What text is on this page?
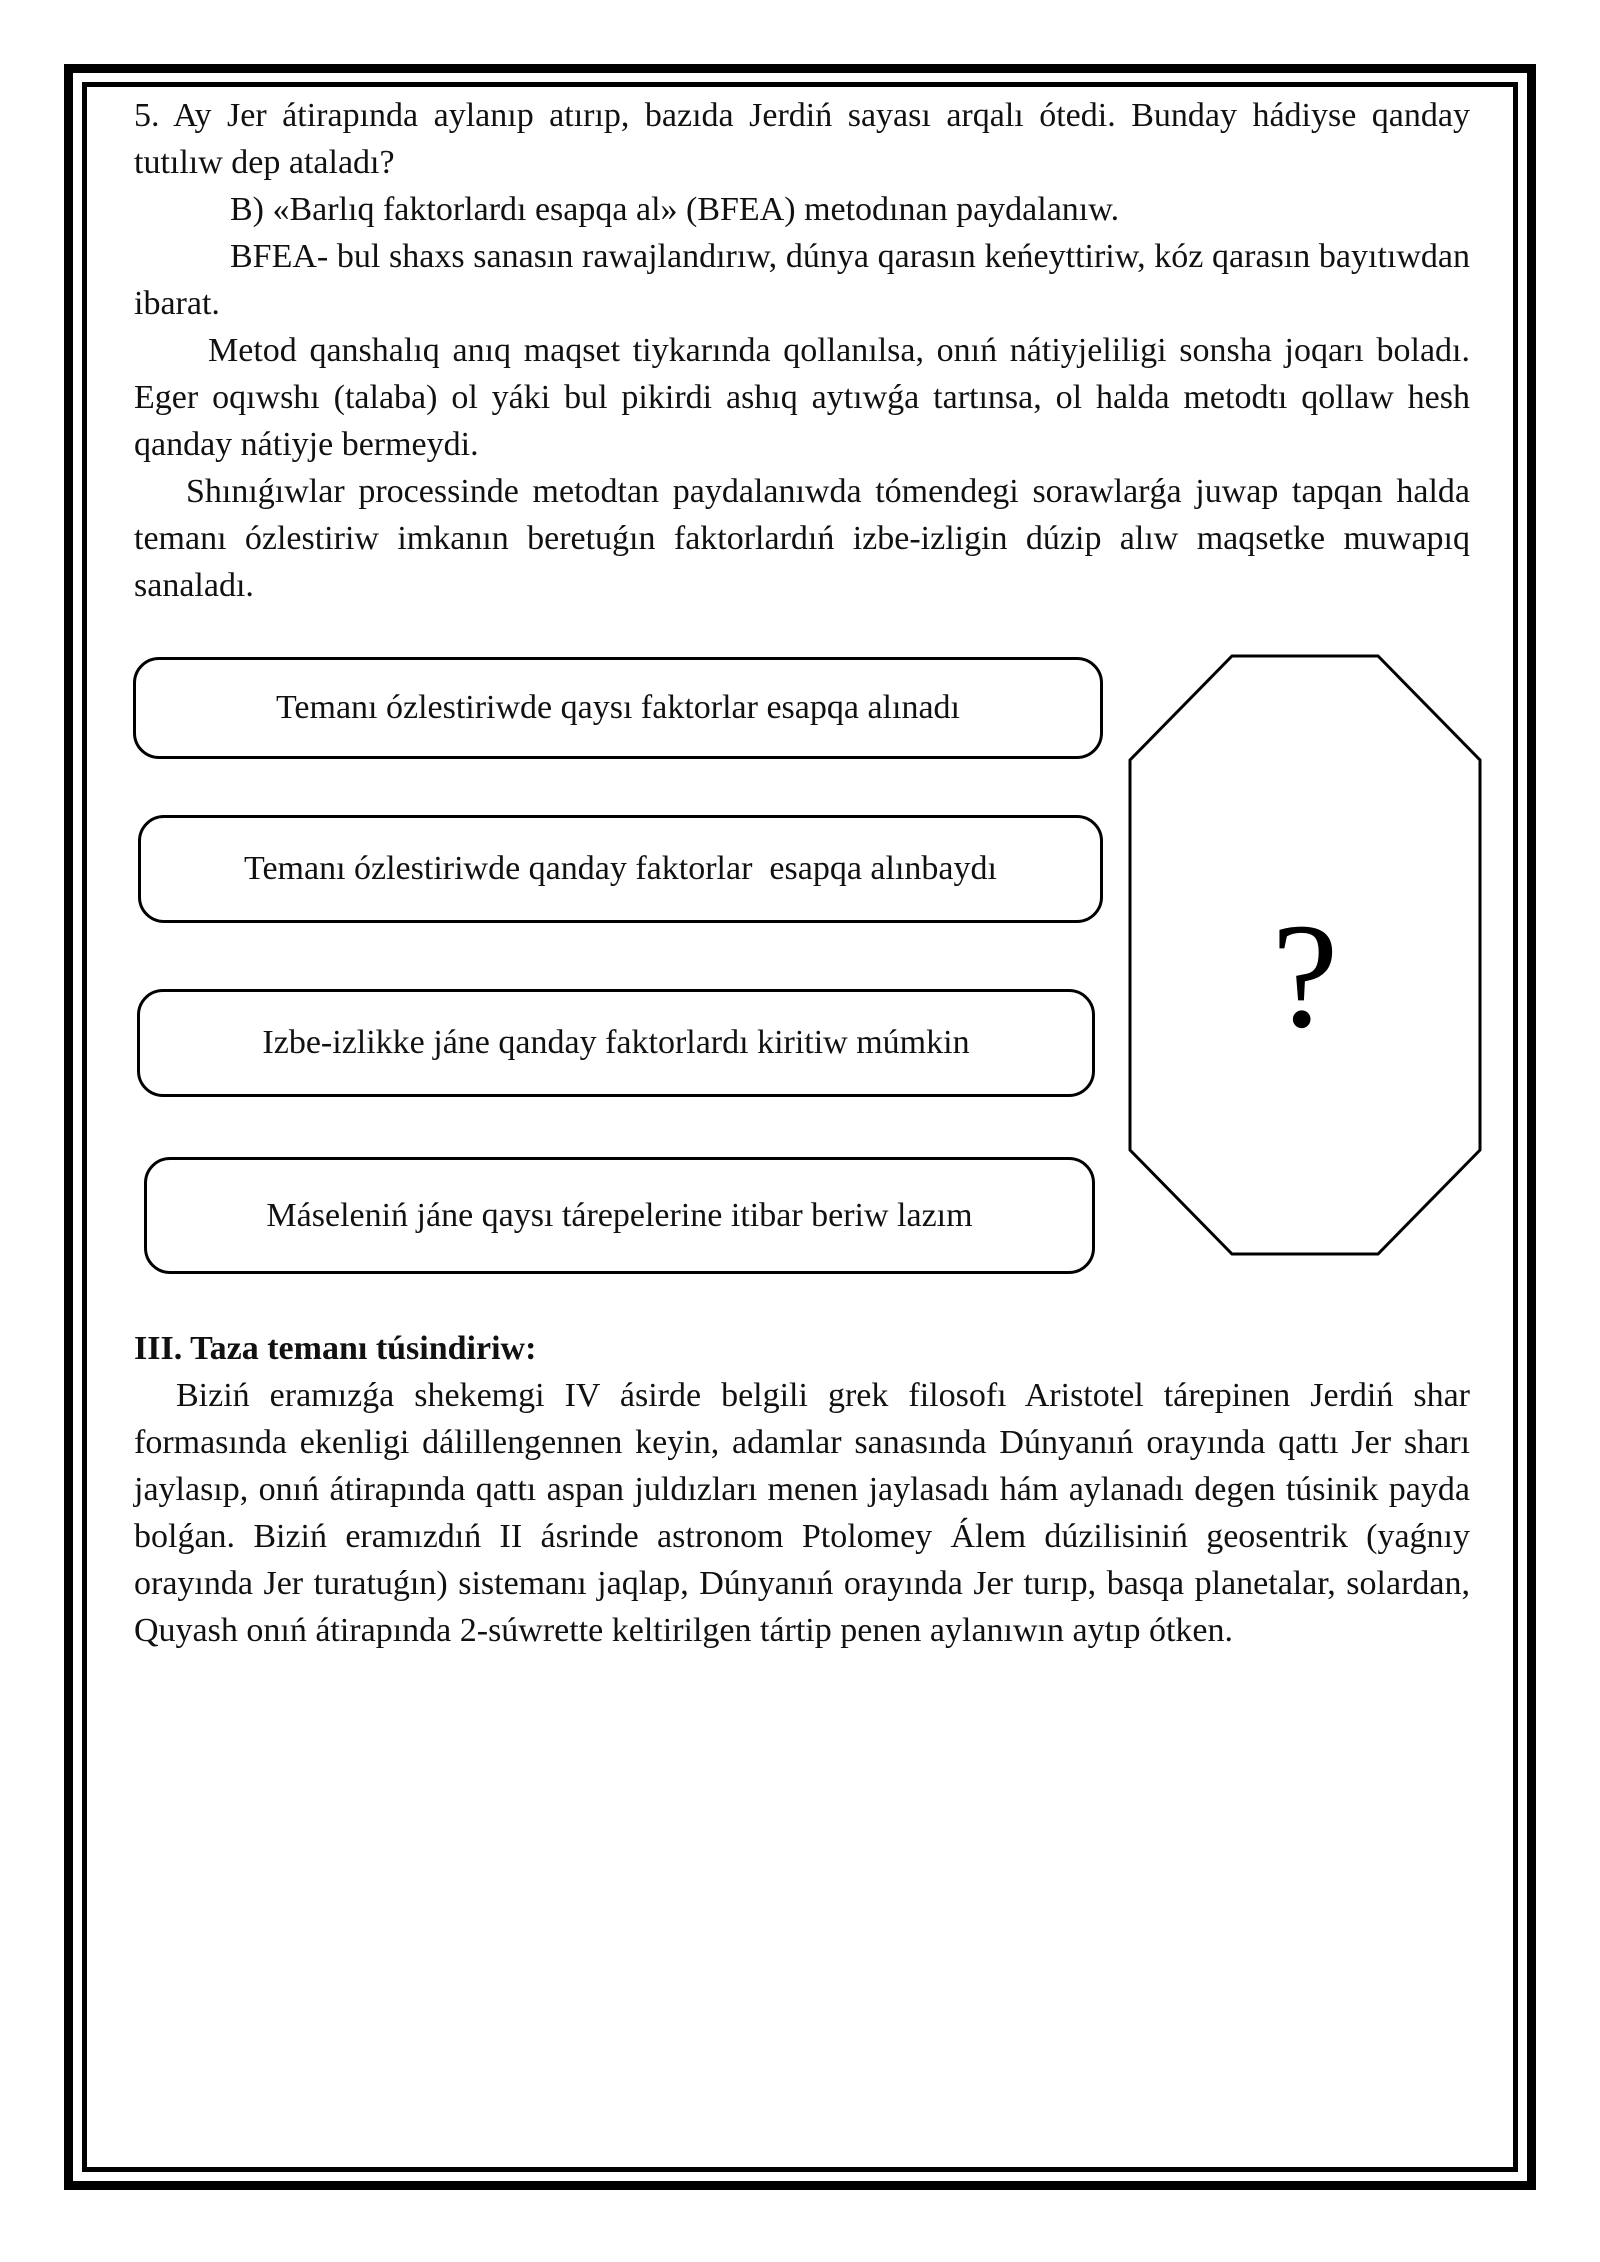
5. Ay Jer átirapında aylanıp atırıp, bazıda Jerdiń sayası arqalı ótedi. Bunday hádiyse qanday tutılıw dep ataladı?

B) «Barlıq faktorlardı esapqa al» (BFEA) metodınan paydalanıw.

BFEA- bul shaxs sanasın rawajlandırıw, dúnya qarasın keńeyttiriw, kóz qarasın bayıtıwdan ibarat.

Metod qanshalıq anıq maqset tiykarında qollanılsa, onıń nátiyjeliligi sonsha joqarı boladı. Eger oqıwshı (talaba) ol yáki bul pikirdi ashıq aytıwǵa tartınsa, ol halda metodtı qollaw hesh qanday nátiyje bermeydi.

Shınıǵıwlar processinde metodtan paydalanıwda tómendegi sorawlarǵa juwap tapqan halda temanı ózlestiriw imkanın beretuǵın faktorlardıń izbe-izligin dúzip alıw maqsetke muwapıq sanaladı.

Temanı ózlestiriwde qaysı faktorlar esapqa alınadı
Temanı ózlestiriwde qanday faktorlar  esapqa alınbaydı
Izbe-izlikke jáne qanday faktorlardı kiritiw múmkin
Máseleniń jáne qaysı tárepelerine itibar beriw lazım
?
III. Taza temanı túsindiriw:

Biziń eramızǵa shekemgi IV ásirde belgili grek filosofı Aristotel tárepinen Jerdiń shar formasında ekenligi dálillengennen keyin, adamlar sanasında Dúnyanıń orayında qattı Jer sharı jaylasıp, onıń átirapında qattı aspan juldızları menen jaylasadı hám aylanadı degen túsinik payda bolǵan. Biziń eramızdıń II ásrinde astronom Ptolomey Álem dúzilisiniń geosentrik (yaǵnıy orayında Jer turatuǵın) sistemanı jaqlap, Dúnyanıń orayında Jer turıp, basqa planetalar, solardan, Quyash onıń átirapında 2-súwrette keltirilgen tártip penen aylanıwın aytıp ótken.
